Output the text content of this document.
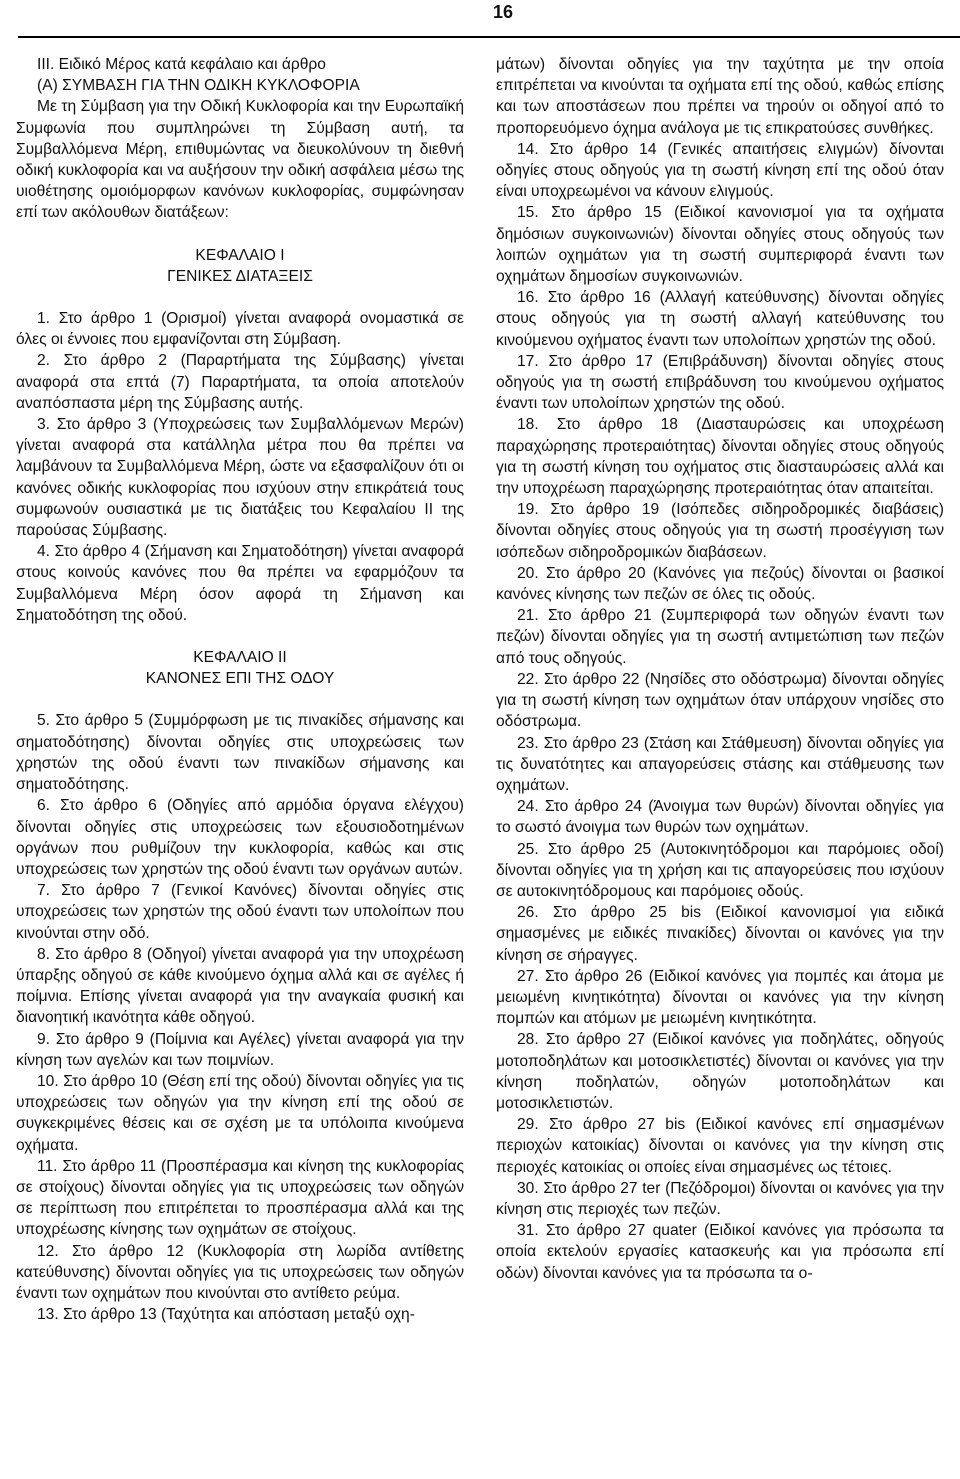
16

III. Ειδικό Μέρος κατά κεφάλαιο και άρθρο

(Α) ΣΥΜΒΑΣΗ ΓΙΑ ΤΗΝ ΟΔΙΚΗ ΚΥΚΛΟΦΟΡΙΑ

Με τη Σύμβαση για την Οδική Κυκλοφορία και την Ευρωπαϊκή Συμφωνία που συμπληρώνει τη Σύμβαση αυτή, τα Συμβαλλόμενα Μέρη, επιθυμώντας να διευκολύνουν τη διεθνή οδική κυκλοφορία και να αυξήσουν την οδική ασφάλεια μέσω της υιοθέτησης ομοιόμορφων κανόνων κυκλοφορίας, συμφώνησαν επί των ακόλουθων διατάξεων:

ΚΕΦΑΛΑΙΟ Ι

ΓΕΝΙΚΕΣ ΔΙΑΤΑΞΕΙΣ

1. Στο άρθρο 1 (Ορισμοί) γίνεται αναφορά ονομαστικά σε όλες οι έννοιες που εμφανίζονται στη Σύμβαση.

2. Στο άρθρο 2 (Παραρτήματα της Σύμβασης) γίνεται αναφορά στα επτά (7) Παραρτήματα, τα οποία αποτελούν αναπόσπαστα μέρη της Σύμβασης αυτής.

3. Στο άρθρο 3 (Υποχρεώσεις των Συμβαλλόμενων Μερών) γίνεται αναφορά στα κατάλληλα μέτρα που θα πρέπει να λαμβάνουν τα Συμβαλλόμενα Μέρη, ώστε να εξασφαλίζουν ότι οι κανόνες οδικής κυκλοφορίας που ισχύουν στην επικράτειά τους συμφωνούν ουσιαστικά με τις διατάξεις του Κεφαλαίου ΙΙ της παρούσας Σύμβασης.

4. Στο άρθρο 4 (Σήμανση και Σηματοδότηση) γίνεται αναφορά στους κοινούς κανόνες που θα πρέπει να εφαρμόζουν τα Συμβαλλόμενα Μέρη όσον αφορά τη Σήμανση και Σηματοδότηση της οδού.

ΚΕΦΑΛΑΙΟ ΙΙ

ΚΑΝΟΝΕΣ ΕΠΙ ΤΗΣ ΟΔΟΥ

5. Στο άρθρο 5 (Συμμόρφωση με τις πινακίδες σήμανσης και σηματοδότησης) δίνονται οδηγίες στις υποχρεώσεις των χρηστών της οδού έναντι των πινακίδων σήμανσης και σηματοδότησης.

6. Στο άρθρο 6 (Οδηγίες από αρμόδια όργανα ελέγχου) δίνονται οδηγίες στις υποχρεώσεις των εξουσιοδοτημένων οργάνων που ρυθμίζουν την κυκλοφορία, καθώς και στις υποχρεώσεις των χρηστών της οδού έναντι των οργάνων αυτών.

7. Στο άρθρο 7 (Γενικοί Κανόνες) δίνονται οδηγίες στις υποχρεώσεις των χρηστών της οδού έναντι των υπολοίπων που κινούνται στην οδό.

8. Στο άρθρο 8 (Οδηγοί) γίνεται αναφορά για την υποχρέωση ύπαρξης οδηγού σε κάθε κινούμενο όχημα αλλά και σε αγέλες ή ποίμνια. Επίσης γίνεται αναφορά για την αναγκαία φυσική και διανοητική ικανότητα κάθε οδηγού.

9. Στο άρθρο 9 (Ποίμνια και Αγέλες) γίνεται αναφορά για την κίνηση των αγελών και των ποιμνίων.

10. Στο άρθρο 10 (Θέση επί της οδού) δίνονται οδηγίες για τις υποχρεώσεις των οδηγών για την κίνηση επί της οδού σε συγκεκριμένες θέσεις και σε σχέση με τα υπόλοιπα κινούμενα οχήματα.

11. Στο άρθρο 11 (Προσπέρασμα και κίνηση της κυκλοφορίας σε στοίχους) δίνονται οδηγίες για τις υποχρεώσεις των οδηγών σε περίπτωση που επιτρέπεται το προσπέρασμα αλλά και της υποχρέωσης κίνησης των οχημάτων σε στοίχους.

12. Στο άρθρο 12 (Κυκλοφορία στη λωρίδα αντίθετης κατεύθυνσης) δίνονται οδηγίες για τις υποχρεώσεις των οδηγών έναντι των οχημάτων που κινούνται στο αντίθετο ρεύμα.

13. Στο άρθρο 13 (Ταχύτητα και απόσταση μεταξύ οχη-

μάτων) δίνονται οδηγίες για την ταχύτητα με την οποία επιτρέπεται να κινούνται τα οχήματα επί της οδού, καθώς επίσης και των αποστάσεων που πρέπει να τηρούν οι οδηγοί από το προπορευόμενο όχημα ανάλογα με τις επικρατούσες συνθήκες.

14. Στο άρθρο 14 (Γενικές απαιτήσεις ελιγμών) δίνονται οδηγίες στους οδηγούς για τη σωστή κίνηση επί της οδού όταν είναι υποχρεωμένοι να κάνουν ελιγμούς.

15. Στο άρθρο 15 (Ειδικοί κανονισμοί για τα οχήματα δημόσιων συγκοινωνιών) δίνονται οδηγίες στους οδηγούς των λοιπών οχημάτων για τη σωστή συμπεριφορά έναντι των οχημάτων δημοσίων συγκοινωνιών.

16. Στο άρθρο 16 (Αλλαγή κατεύθυνσης) δίνονται οδηγίες στους οδηγούς για τη σωστή αλλαγή κατεύθυνσης του κινούμενου οχήματος έναντι των υπολοίπων χρηστών της οδού.

17. Στο άρθρο 17 (Επιβράδυνση) δίνονται οδηγίες στους οδηγούς για τη σωστή επιβράδυνση του κινούμενου οχήματος έναντι των υπολοίπων χρηστών της οδού.

18. Στο άρθρο 18 (Διασταυρώσεις και υποχρέωση παραχώρησης προτεραιότητας) δίνονται οδηγίες στους οδηγούς για τη σωστή κίνηση του οχήματος στις διασταυρώσεις αλλά και την υποχρέωση παραχώρησης προτεραιότητας όταν απαιτείται.

19. Στο άρθρο 19 (Ισόπεδες σιδηροδρομικές διαβάσεις) δίνονται οδηγίες στους οδηγούς για τη σωστή προσέγγιση των ισόπεδων σιδηροδρομικών διαβάσεων.

20. Στο άρθρο 20 (Κανόνες για πεζούς) δίνονται οι βασικοί κανόνες κίνησης των πεζών σε όλες τις οδούς.

21. Στο άρθρο 21 (Συμπεριφορά των οδηγών έναντι των πεζών) δίνονται οδηγίες για τη σωστή αντιμετώπιση των πεζών από τους οδηγούς.

22. Στο άρθρο 22 (Νησίδες στο οδόστρωμα) δίνονται οδηγίες για τη σωστή κίνηση των οχημάτων όταν υπάρχουν νησίδες στο οδόστρωμα.

23. Στο άρθρο 23 (Στάση και Στάθμευση) δίνονται οδηγίες για τις δυνατότητες και απαγορεύσεις στάσης και στάθμευσης των οχημάτων.

24. Στο άρθρο 24 (Άνοιγμα των θυρών) δίνονται οδηγίες για το σωστό άνοιγμα των θυρών των οχημάτων.

25. Στο άρθρο 25 (Αυτοκινητόδρομοι και παρόμοιες οδοί) δίνονται οδηγίες για τη χρήση και τις απαγορεύσεις που ισχύουν σε αυτοκινητόδρομους και παρόμοιες οδούς.

26. Στο άρθρο 25 bis (Ειδικοί κανονισμοί για ειδικά σημασμένες με ειδικές πινακίδες) δίνονται οι κανόνες για την κίνηση σε σήραγγες.

27. Στο άρθρο 26 (Ειδικοί κανόνες για πομπές και άτομα με μειωμένη κινητικότητα) δίνονται οι κανόνες για την κίνηση πομπών και ατόμων με μειωμένη κινητικότητα.

28. Στο άρθρο 27 (Ειδικοί κανόνες για ποδηλάτες, οδηγούς μοτοποδηλάτων και μοτοσικλετιστές) δίνονται οι κανόνες για την κίνηση ποδηλατών, οδηγών μοτοποδηλάτων και μοτοσικλετιστών.

29. Στο άρθρο 27 bis (Ειδικοί κανόνες επί σημασμένων περιοχών κατοικίας) δίνονται οι κανόνες για την κίνηση στις περιοχές κατοικίας οι οποίες είναι σημασμένες ως τέτοιες.

30. Στο άρθρο 27 ter (Πεζόδρομοι) δίνονται οι κανόνες για την κίνηση στις περιοχές των πεζών.

31. Στο άρθρο 27 quater (Ειδικοί κανόνες για πρόσωπα τα οποία εκτελούν εργασίες κατασκευής και για πρόσωπα επί οδών) δίνονται κανόνες για τα πρόσωπα τα ο-
